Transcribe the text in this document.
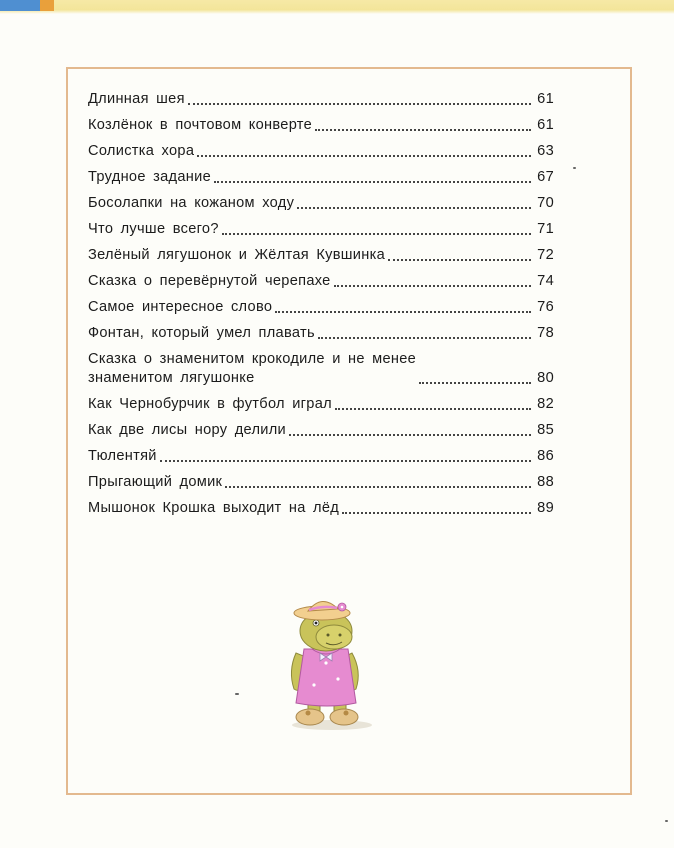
Длинная шея	61
Козлёнок в почтовом конверте	61
Солистка хора	63
Трудное задание	67
Босолапки на кожаном ходу	70
Что лучше всего?	71
Зелёный лягушонок и Жёлтая Кувшинка	72
Сказка о перевёрнутой черепахе	74
Самое интересное слово	76
Фонтан, который умел плавать	78
Сказка о знаменитом крокодиле и не менее
знаменитом лягушонке	80
Как Чернобурчик в футбол играл	82
Как две лисы нору делили	85
Тюлентяй	86
Прыгающий домик	88
Мышонок Крошка выходит на лёд	89
